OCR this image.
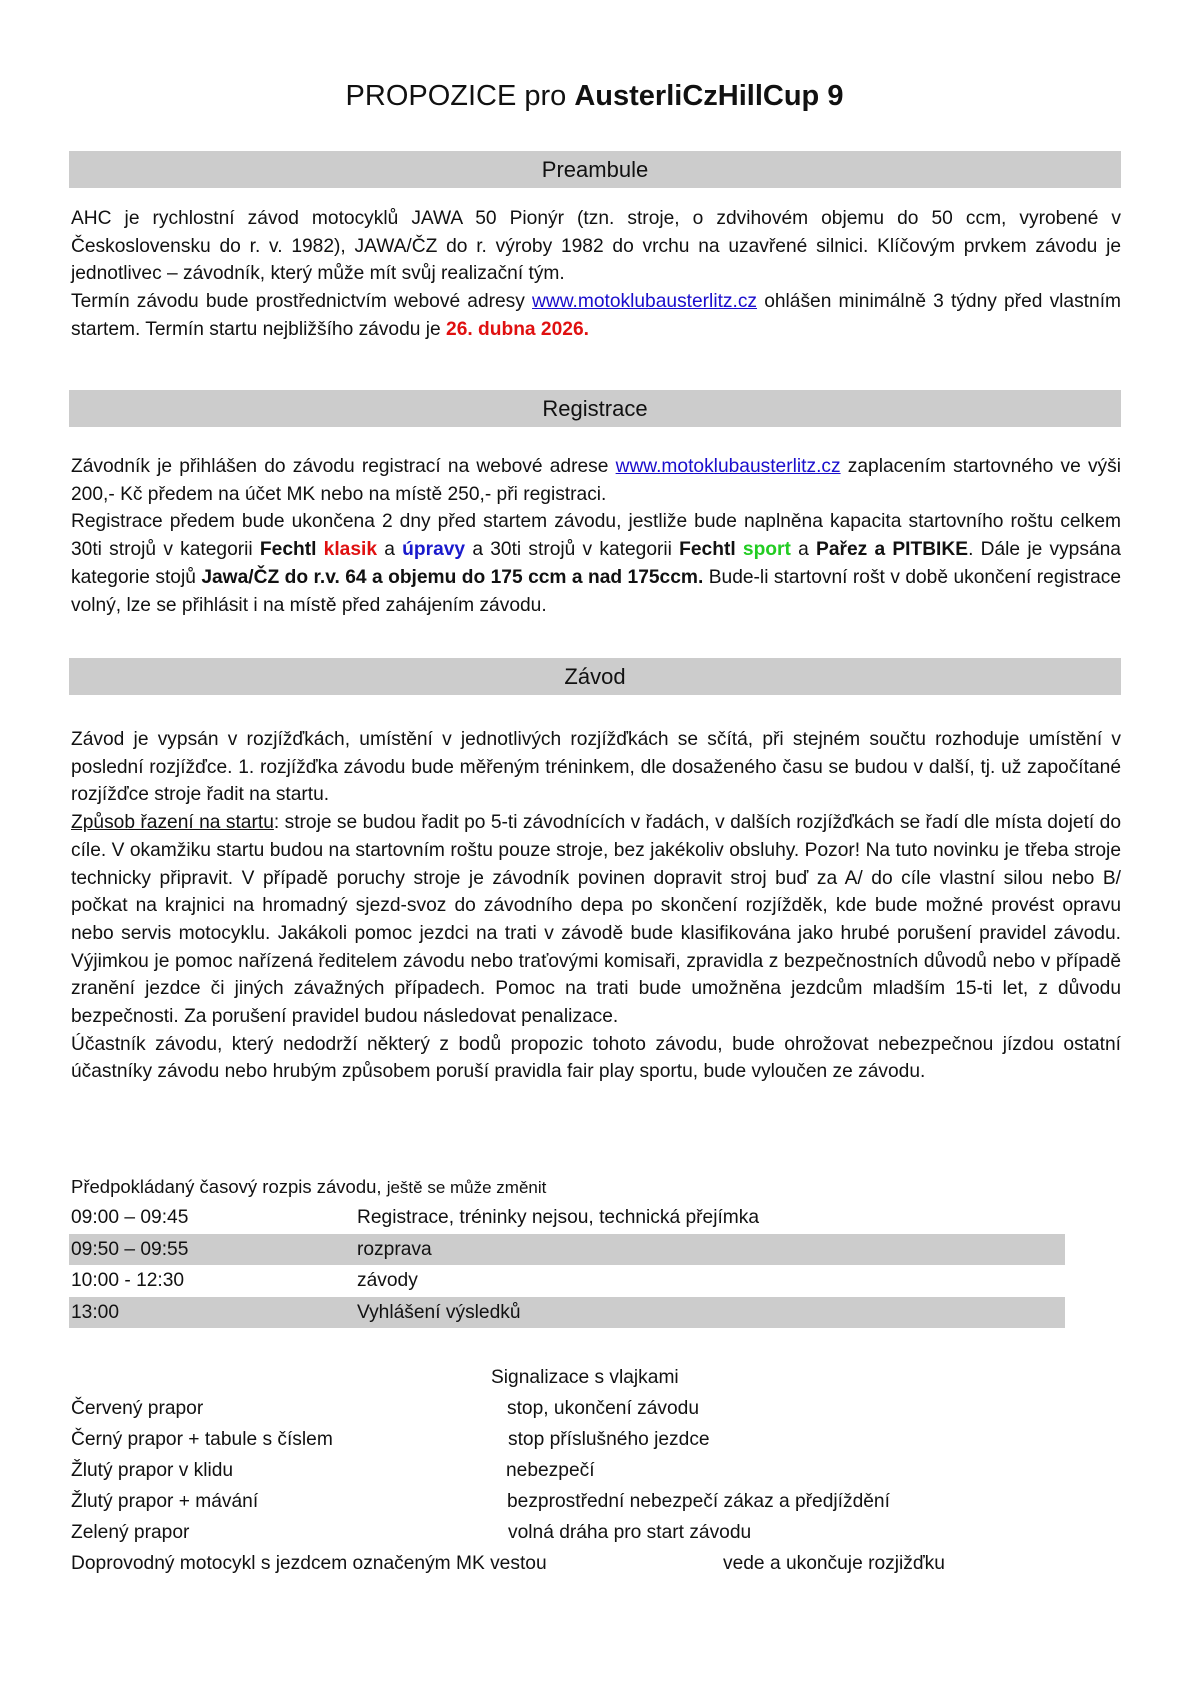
PROPOZICE pro AusterliCzHillCup 9
Preambule

AHC je rychlostní závod motocyklů JAWA 50 Pionýr (tzn. stroje, o zdvihovém objemu do 50 ccm, vyrobené v Československu do r. v. 1982), JAWA/ČZ do r. výroby 1982 do vrchu na uzavřené silnici. Klíčovým prvkem závodu je jednotlivec – závodník, který může mít svůj realizační tým.

Termín závodu bude prostřednictvím webové adresy www.motoklubausterlitz.cz ohlášen minimálně 3 týdny před vlastním startem. Termín startu nejbližšího závodu je 26. dubna 2026.

Registrace

Závodník je přihlášen do závodu registrací na webové adrese www.motoklubausterlitz.cz zaplacením startovného ve výši 200,- Kč předem na účet MK nebo na místě 250,- při registraci.

Registrace předem bude ukončena 2 dny před startem závodu, jestliže bude naplněna kapacita startovního roštu celkem 30ti strojů v kategorii Fechtl klasik a úpravy a 30ti strojů v kategorii Fechtl sport a Pařez a PITBIKE. Dále je vypsána kategorie stojů Jawa/ČZ do r.v. 64 a objemu do 175 ccm a nad 175ccm. Bude-li startovní rošt v době ukončení registrace volný, lze se přihlásit i na místě před zahájením závodu.

Závod

Závod je vypsán v rozjížďkách, umístění v jednotlivých rozjížďkách se sčítá, při stejném součtu rozhoduje umístění v poslední rozjížďce. 1. rozjížďka závodu bude měřeným tréninkem, dle dosaženého času se budou v další, tj. už započítané rozjížďce stroje řadit na startu.

Způsob řazení na startu: stroje se budou řadit po 5-ti závodnících v řadách, v dalších rozjížďkách se řadí dle místa dojetí do cíle. V okamžiku startu budou na startovním roštu pouze stroje, bez jakékoliv obsluhy. Pozor! Na tuto novinku je třeba stroje technicky připravit. V případě poruchy stroje je závodník povinen dopravit stroj buď za A/ do cíle vlastní silou nebo B/ počkat na krajnici na hromadný sjezd-svoz do závodního depa po skončení rozjížděk, kde bude možné provést opravu nebo servis motocyklu. Jakákoli pomoc jezdci na trati v závodě bude klasifikována jako hrubé porušení pravidel závodu. Výjimkou je pomoc nařízená ředitelem závodu nebo traťovými komisaři, zpravidla z bezpečnostních důvodů nebo v případě zranění jezdce či jiných závažných případech. Pomoc na trati bude umožněna jezdcům mladším 15-ti let, z důvodu bezpečnosti. Za porušení pravidel budou následovat penalizace.

Účastník závodu, který nedodrží některý z bodů propozic tohoto závodu, bude ohrožovat nebezpečnou jízdou ostatní účastníky závodu nebo hrubým způsobem poruší pravidla fair play sportu, bude vyloučen ze závodu.

Předpokládaný časový rozpis závodu, ještě se může změnit
09:00 – 09:45	Registrace, tréninky nejsou, technická přejímka
09:50 – 09:55	rozprava
10:00 - 12:30	závody
13:00	Vyhlášení výsledků
Signalizace s vlajkami
Červený prapor	stop, ukončení závodu
Černý prapor + tabule s číslem	stop příslušného jezdce
Žlutý prapor v klidu	nebezpečí
Žlutý prapor + mávání	bezprostřední nebezpečí zákaz a předjíždění
Zelený prapor	volná dráha pro start závodu
Doprovodný motocykl s jezdcem označeným MK vestou	vede a ukončuje rozjižďku
